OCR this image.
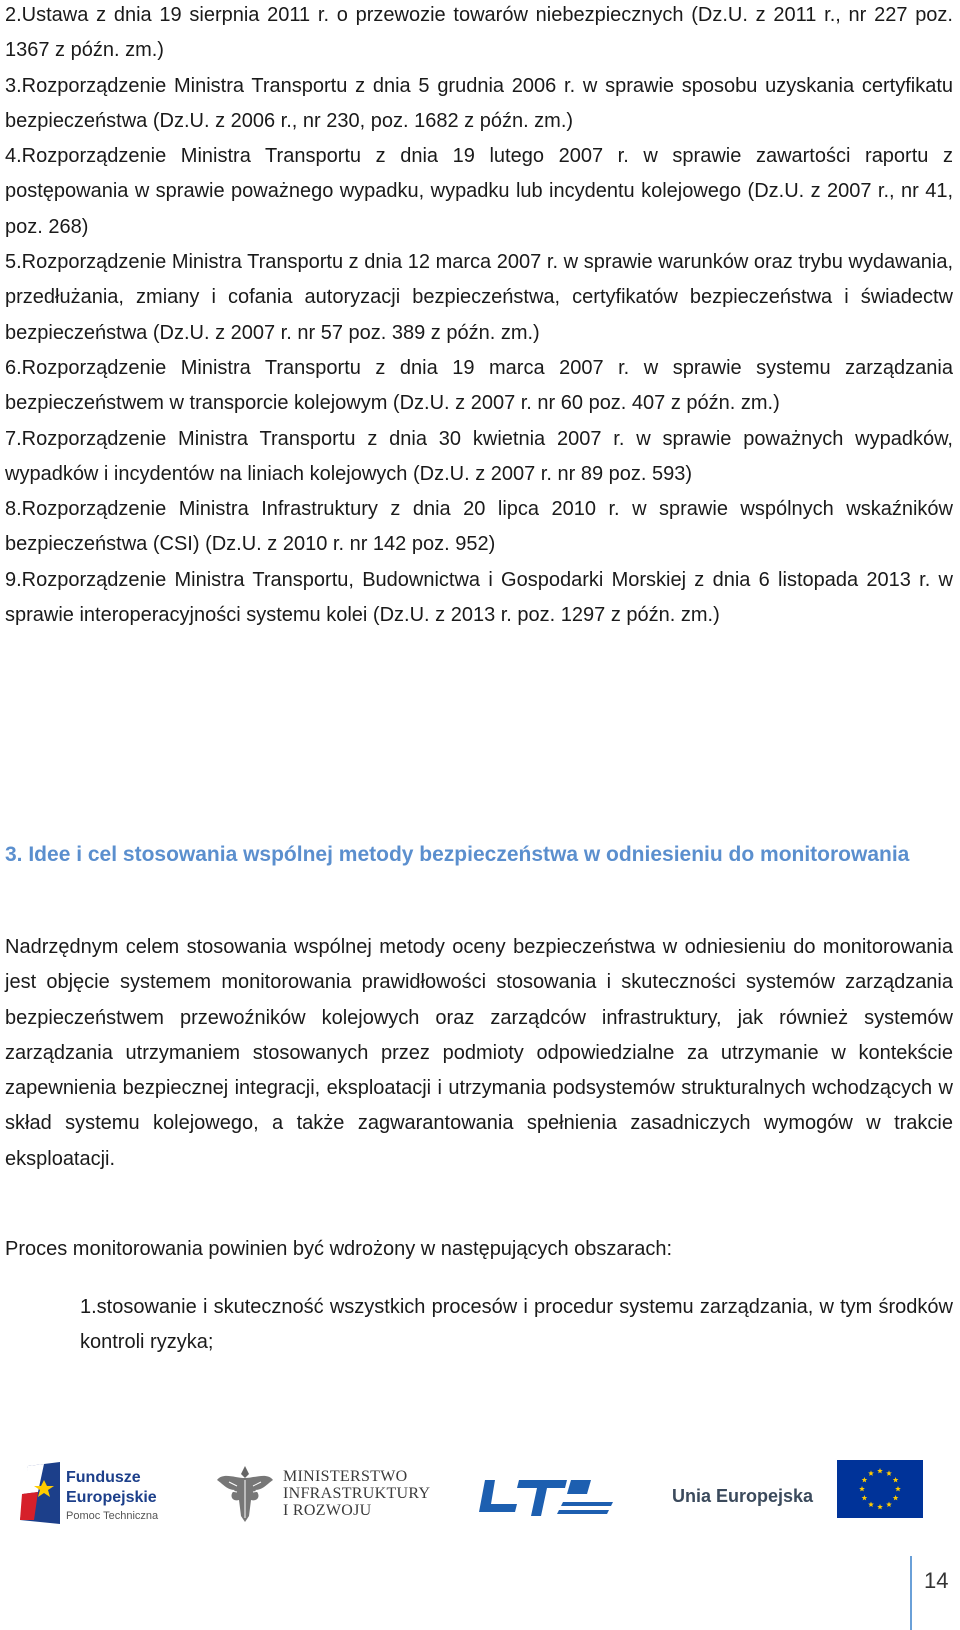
2.Ustawa z dnia 19 sierpnia 2011 r. o przewozie towarów niebezpiecznych (Dz.U. z 2011 r., nr 227 poz. 1367 z późn. zm.)

3.Rozporządzenie Ministra Transportu z dnia 5 grudnia 2006 r. w sprawie sposobu uzyskania certyfikatu bezpieczeństwa (Dz.U. z 2006 r., nr 230, poz. 1682 z późn. zm.)

4.Rozporządzenie Ministra Transportu z dnia 19 lutego 2007 r. w sprawie zawartości raportu z postępowania w sprawie poważnego wypadku, wypadku lub incydentu kolejowego (Dz.U. z 2007 r., nr 41, poz. 268)

5.Rozporządzenie Ministra Transportu z dnia 12 marca 2007 r. w sprawie warunków oraz trybu wydawania, przedłużania, zmiany i cofania autoryzacji bezpieczeństwa, certyfikatów bezpieczeństwa i świadectw bezpieczeństwa (Dz.U. z 2007 r. nr 57 poz. 389 z późn. zm.)

6.Rozporządzenie Ministra Transportu z dnia 19 marca 2007 r. w sprawie systemu zarządzania bezpieczeństwem w transporcie kolejowym (Dz.U. z 2007 r. nr 60 poz. 407 z późn. zm.)

7.Rozporządzenie Ministra Transportu z dnia 30 kwietnia 2007 r. w sprawie poważnych wypadków, wypadków i incydentów na liniach kolejowych (Dz.U. z 2007 r. nr 89 poz. 593)

8.Rozporządzenie Ministra Infrastruktury z dnia 20 lipca 2010 r. w sprawie wspólnych wskaźników bezpieczeństwa (CSI) (Dz.U. z 2010 r. nr 142 poz. 952)

9.Rozporządzenie Ministra Transportu, Budownictwa i Gospodarki Morskiej z dnia 6 listopada 2013 r. w sprawie interoperacyjności systemu kolei (Dz.U. z 2013 r. poz. 1297 z późn. zm.)

3. Idee i cel stosowania wspólnej metody bezpieczeństwa w odniesieniu do monitorowania

Nadrzędnym celem stosowania wspólnej metody oceny bezpieczeństwa w odniesieniu do monitorowania jest objęcie systemem monitorowania prawidłowości stosowania i skuteczności systemów zarządzania bezpieczeństwem przewoźników kolejowych oraz zarządców infrastruktury, jak również systemów zarządzania utrzymaniem stosowanych przez podmioty odpowiedzialne za utrzymanie w kontekście zapewnienia bezpiecznej integracji, eksploatacji i utrzymania podsystemów strukturalnych wchodzących w skład systemu kolejowego, a także zagwarantowania spełnienia zasadniczych wymogów w trakcie eksploatacji.

Proces monitorowania powinien być wdrożony w następujących obszarach:

1.stosowanie i skuteczność wszystkich procesów i procedur systemu zarządzania, w tym środków kontroli ryzyka;

Fundusze
Europejskie
Pomoc Techniczna
MINISTERSTWO
INFRASTRUKTURY
I ROZWOJU
Unia Europejska
14
